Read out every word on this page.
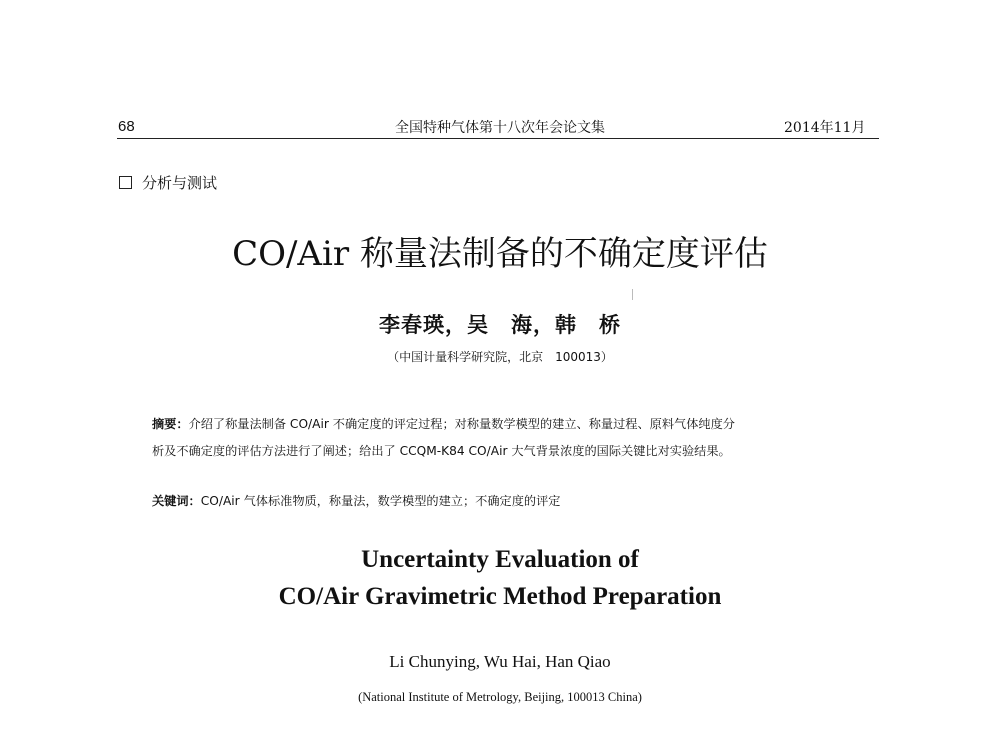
68	全国特种气体第十八次年会论文集	2014年11月
分析与测试
CO/Air 称量法制备的不确定度评估
李春瑛，吴　海，韩　桥
（中国计量科学研究院，北京　100013）
摘要：介绍了称量法制备 CO/Air 不确定度的评定过程；对称量数学模型的建立、称量过程、原料气体纯度分
析及不确定度的评估方法进行了阐述；给出了 CCQM-K84 CO/Air 大气背景浓度的国际关键比对实验结果。
关键词：CO/Air 气体标准物质，称量法，数学模型的建立；不确定度的评定
Uncertainty Evaluation of
CO/Air Gravimetric Method Preparation
Li Chunying, Wu Hai, Han Qiao
(National Institute of Metrology, Beijing, 100013 China)
